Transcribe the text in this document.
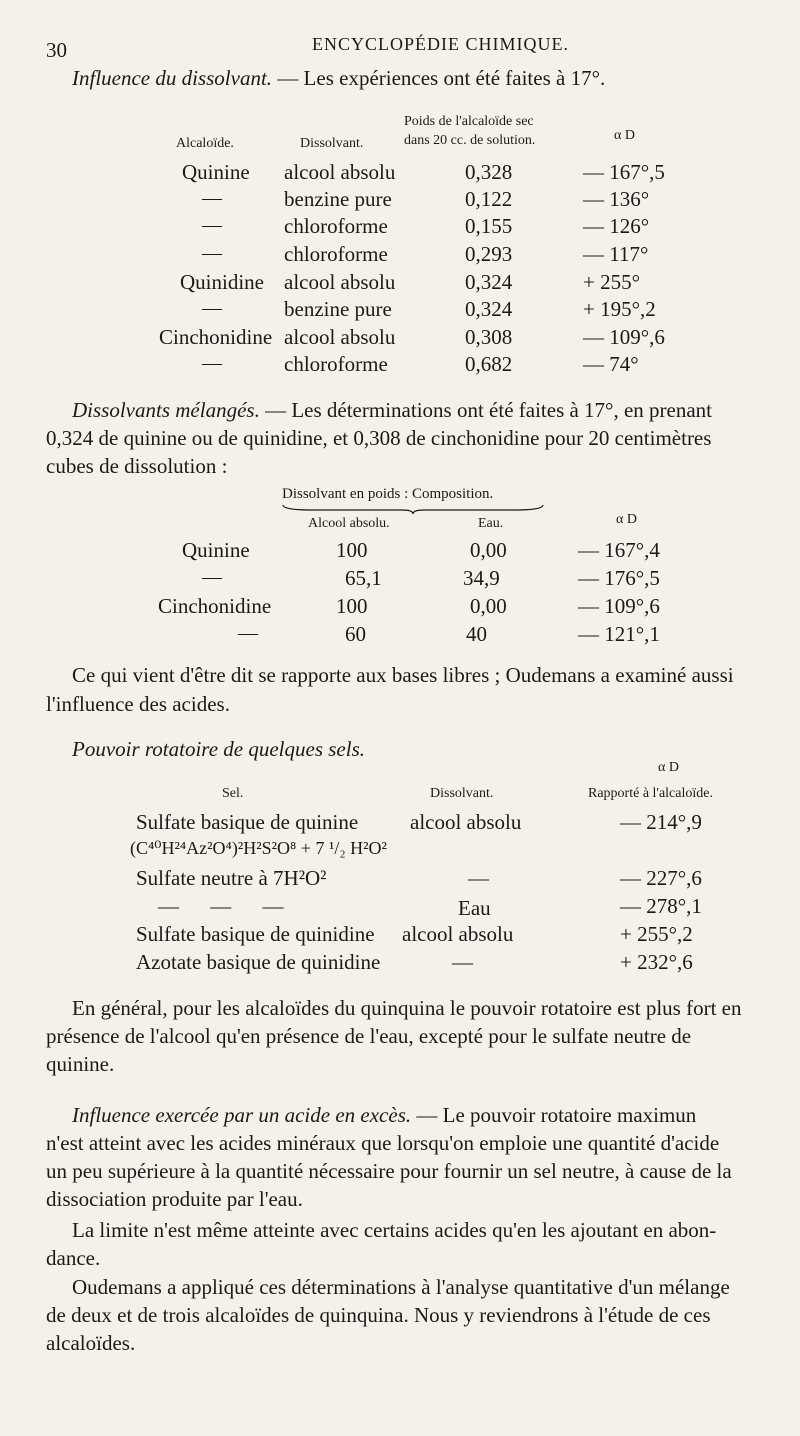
30	ENCYCLOPÉDIE CHIMIQUE.
Influence du dissolvant. — Les expériences ont été faites à 17°.
Poids de l'alcaloïde sec
Alcaloïde.	Dissolvant.	dans 20 cc. de solution.	α D
Quinine alcool absolu	0,328	— 167°,5
—	benzine pure	0,122	— 136°
—	chloroforme	0,155	— 126°
—	chloroforme	0,293	— 117°
Quinidine alcool absolu	0,324	+ 255°
—	benzine pure	0,324	+ 195°,2
Cinchonidine alcool absolu	0,308	— 109°,6
—	chloroforme	0,682	— 74°
Dissolvants mélangés. — Les déterminations ont été faites à 17°, en prenant
0,324 de quinine ou de quinidine, et 0,308 de cinchonidine pour 20 centimètres
cubes de dissolution :
Dissolvant en poids : Composition.
Alcool absolu.	Eau.	α D
Quinine	100	0,00	— 167°,4
—	65,1	34,9	— 176°,5
Cinchonidine	100	0,00	— 109°,6
—	60	40	— 121°,1
Ce qui vient d'être dit se rapporte aux bases libres ; Oudemans a examiné aussi
l'influence des acides.
Pouvoir rotatoire de quelques sels.
α D
Sel.	Dissolvant.	Rapporté à l'alcaloïde.
Sulfate basique de quinine alcool absolu	— 214°,9
(C⁴⁰H²⁴Az²O⁴)²H²S²O⁸ + 7 ¹/₂ H²O²
Sulfate neutre à 7H²O²	—	— 227°,6
— — —	Eau	— 278°,1
Sulfate basique de quinidine alcool absolu	+ 255°,2
Azotate basique de quinidine	—	+ 232°,6
En général, pour les alcaloïdes du quinquina le pouvoir rotatoire est plus fort en
présence de l'alcool qu'en présence de l'eau, excepté pour le sulfate neutre de
quinine.
Influence exercée par un acide en excès. — Le pouvoir rotatoire maximun
n'est atteint avec les acides minéraux que lorsqu'on emploie une quantité d'acide
un peu supérieure à la quantité nécessaire pour fournir un sel neutre, à cause de la
dissociation produite par l'eau.
La limite n'est même atteinte avec certains acides qu'en les ajoutant en abon-
dance.
Oudemans a appliqué ces déterminations à l'analyse quantitative d'un mélange
de deux et de trois alcaloïdes de quinquina. Nous y reviendrons à l'étude de ces
alcaloïdes.
